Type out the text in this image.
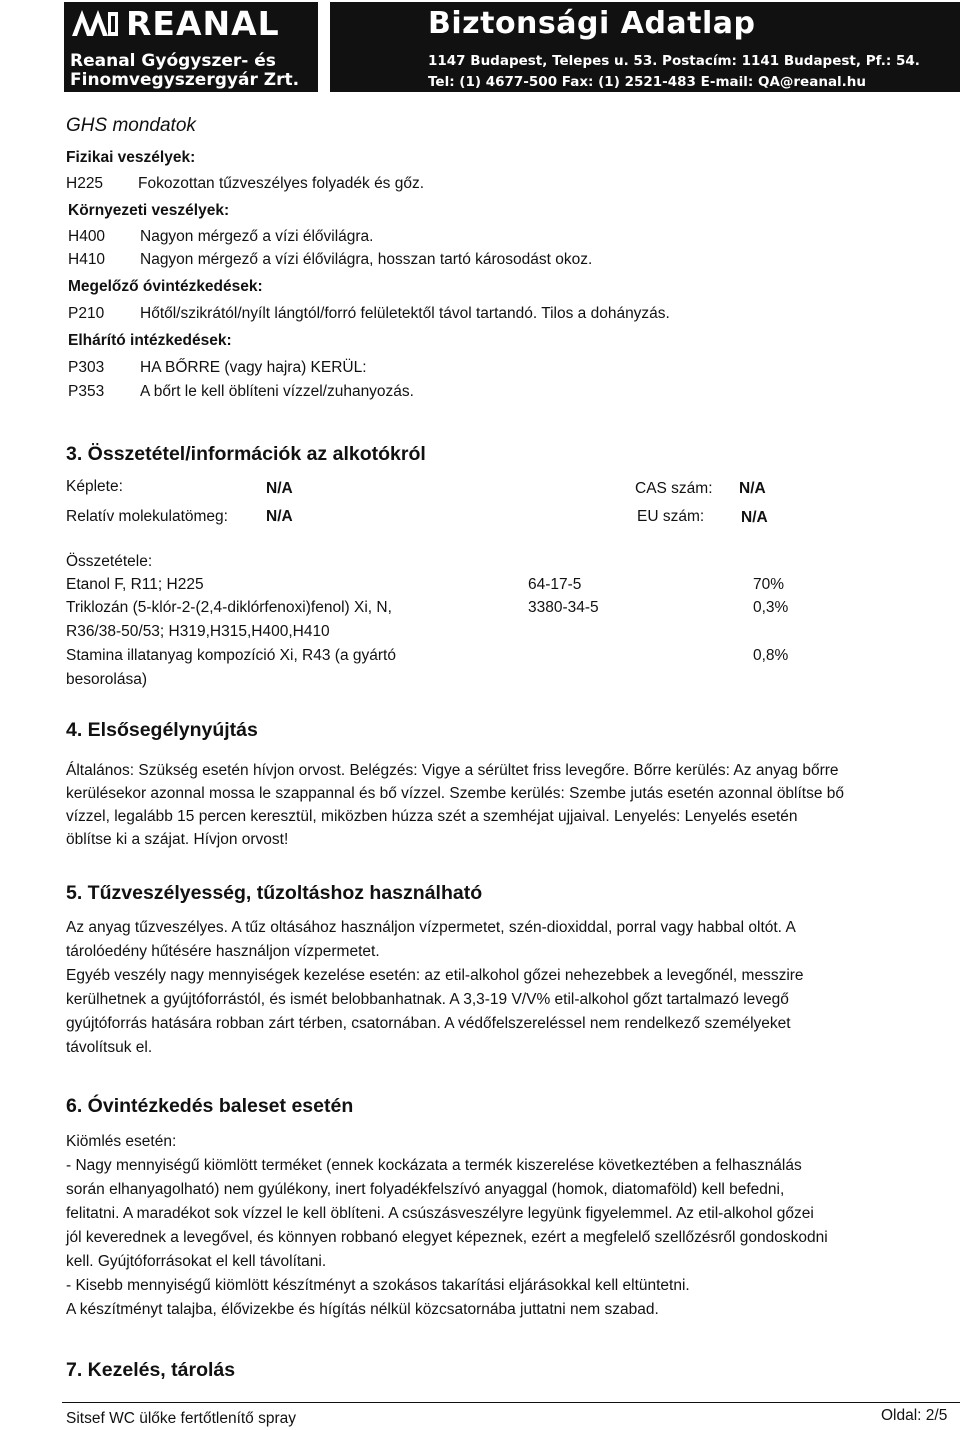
REANAL
Reanal Gyógyszer- és
Finomvegyszergyár Zrt.
Biztonsági Adatlap
1147 Budapest, Telepes u. 53. Postacím: 1141 Budapest, Pf.: 54.
Tel: (1) 4677-500 Fax: (1) 2521-483 E-mail: QA@reanal.hu
GHS mondatok
Fizikai veszélyek:
H225 Fokozottan tűzveszélyes folyadék és gőz.
Környezeti veszélyek:
H400 Nagyon mérgező a vízi élővilágra.
H410 Nagyon mérgező a vízi élővilágra, hosszan tartó károsodást okoz.
Megelőző óvintézkedések:
P210 Hőtől/szikrától/nyílt lángtól/forró felületektől távol tartandó. Tilos a dohányzás.
Elhárító intézkedések:
P303 HA BŐRRE (vagy hajra) KERÜL:
P353 A bőrt le kell öblíteni vízzel/zuhanyozás.
3. Összetétel/információk az alkotókról
Képlete:	N/A	CAS szám: N/A
Relatív molekulatömeg: N/A	EU szám: N/A
Összetétele:
Etanol F, R11; H225	64-17-5	70%
Triklozán (5-klór-2-(2,4-diklórfenoxi)fenol) Xi, N,
R36/38-50/53; H319,H315,H400,H410
3380-34-5	0,3%
Stamina illatanyag kompozíció Xi, R43 (a gyártó
besorolása)
0,8%
4. Elsősegélynyújtás
Általános: Szükség esetén hívjon orvost. Belégzés: Vigye a sérültet friss levegőre. Bőrre kerülés: Az anyag bőrre
kerülésekor azonnal mossa le szappannal és bő vízzel. Szembe kerülés: Szembe jutás esetén azonnal öblítse bő
vízzel, legalább 15 percen keresztül, miközben húzza szét a szemhéjat ujjaival. Lenyelés: Lenyelés esetén
öblítse ki a szájat. Hívjon orvost!
5. Tűzveszélyesség, tűzoltáshoz használható
Az anyag tűzveszélyes. A tűz oltásához használjon vízpermetet, szén-dioxiddal, porral vagy habbal oltót. A
tárolóedény hűtésére használjon vízpermetet.
Egyéb veszély nagy mennyiségek kezelése esetén: az etil-alkohol gőzei nehezebbek a levegőnél, messzire
kerülhetnek a gyújtóforrástól, és ismét belobbanhatnak. A 3,3-19 V/V% etil-alkohol gőzt tartalmazó levegő
gyújtóforrás hatására robban zárt térben, csatornában. A védőfelszereléssel nem rendelkező személyeket
távolítsuk el.
6. Óvintézkedés baleset esetén
Kiömlés esetén:
- Nagy mennyiségű kiömlött terméket (ennek kockázata a termék kiszerelése következtében a felhasználás
során elhanyagolható) nem gyúlékony, inert folyadékfelszívó anyaggal (homok, diatomaföld) kell befedni,
felitatni. A maradékot sok vízzel le kell öblíteni. A csúszásveszélyre legyünk figyelemmel. Az etil-alkohol gőzei
jól keverednek a levegővel, és könnyen robbanó elegyet képeznek, ezért a megfelelő szellőzésről gondoskodni
kell. Gyújtóforrásokat el kell távolítani.
- Kisebb mennyiségű kiömlött készítményt a szokásos takarítási eljárásokkal kell eltüntetni.
A készítményt talajba, élővizekbe és hígítás nélkül közcsatornába juttatni nem szabad.
7. Kezelés, tárolás
Sitsef WC ülőke fertőtlenítő spray	Oldal: 2/5
